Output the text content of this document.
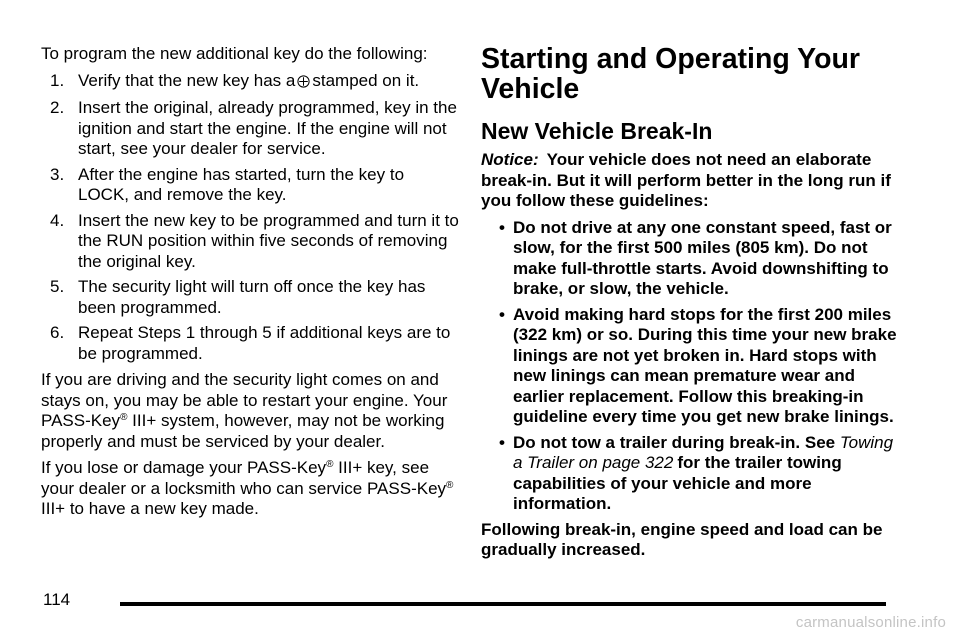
To program the new additional key do the following:

1. Verify that the new key has a stamped on it.
2. Insert the original, already programmed, key in the ignition and start the engine. If the engine will not start, see your dealer for service.
3. After the engine has started, turn the key to LOCK, and remove the key.
4. Insert the new key to be programmed and turn it to the RUN position within five seconds of removing the original key.
5. The security light will turn off once the key has been programmed.
6. Repeat Steps 1 through 5 if additional keys are to be programmed.

If you are driving and the security light comes on and stays on, you may be able to restart your engine. Your PASS-Key® III+ system, however, may not be working properly and must be serviced by your dealer.

If you lose or damage your PASS-Key® III+ key, see your dealer or a locksmith who can service PASS-Key® III+ to have a new key made.

Starting and Operating Your Vehicle
New Vehicle Break-In

Notice: Your vehicle does not need an elaborate break-in. But it will perform better in the long run if you follow these guidelines:

• Do not drive at any one constant speed, fast or slow, for the first 500 miles (805 km). Do not make full-throttle starts. Avoid downshifting to brake, or slow, the vehicle.
• Avoid making hard stops for the first 200 miles (322 km) or so. During this time your new brake linings are not yet broken in. Hard stops with new linings can mean premature wear and earlier replacement. Follow this breaking-in guideline every time you get new brake linings.
• Do not tow a trailer during break-in. See Towing a Trailer on page 322 for the trailer towing capabilities of your vehicle and more information.

Following break-in, engine speed and load can be gradually increased.

114
carmanualsonline.info
